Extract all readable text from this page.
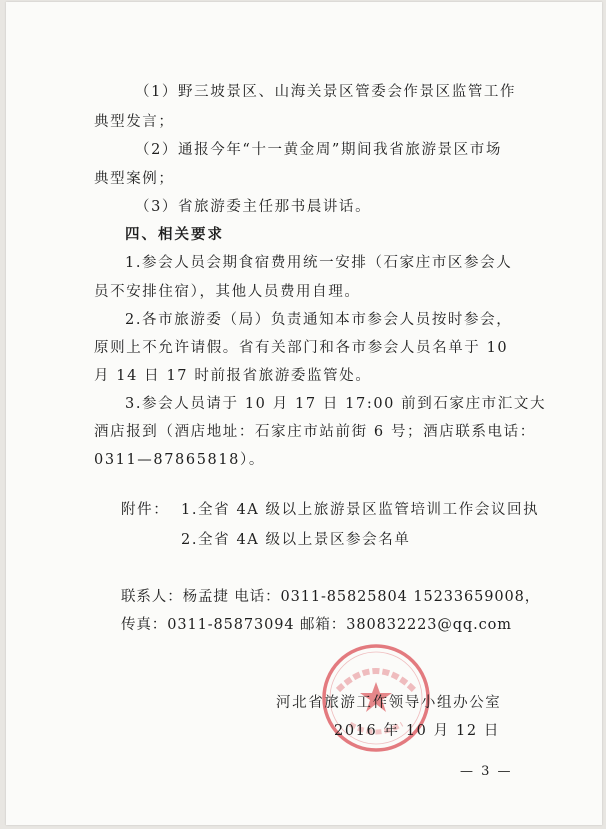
（1）野三坡景区、山海关景区管委会作景区监管工作
典型发言；
（2）通报今年“十一黄金周”期间我省旅游景区市场
典型案例；
（3）省旅游委主任那书晨讲话。
四、相关要求
1.参会人员会期食宿费用统一安排（石家庄市区参会人
员不安排住宿），其他人员费用自理。
2.各市旅游委（局）负责通知本市参会人员按时参会，
原则上不允许请假。省有关部门和各市参会人员名单于 10
月 14 日 17 时前报省旅游委监管处。
3.参会人员请于 10 月 17 日 17:00 前到石家庄市汇文大
酒店报到（酒店地址：石家庄市站前街 6 号；酒店联系电话：
0311—87865818）。
附件： 1.全省 4A 级以上旅游景区监管培训工作会议回执
2.全省 4A 级以上景区参会名单
联系人：杨孟捷 电话：0311-85825804 15233659008，
传真：0311-85873094 邮箱：380832223@qq.com
河北省旅游工作领导小组办公室
2016 年 10 月 12 日
— 3 —
